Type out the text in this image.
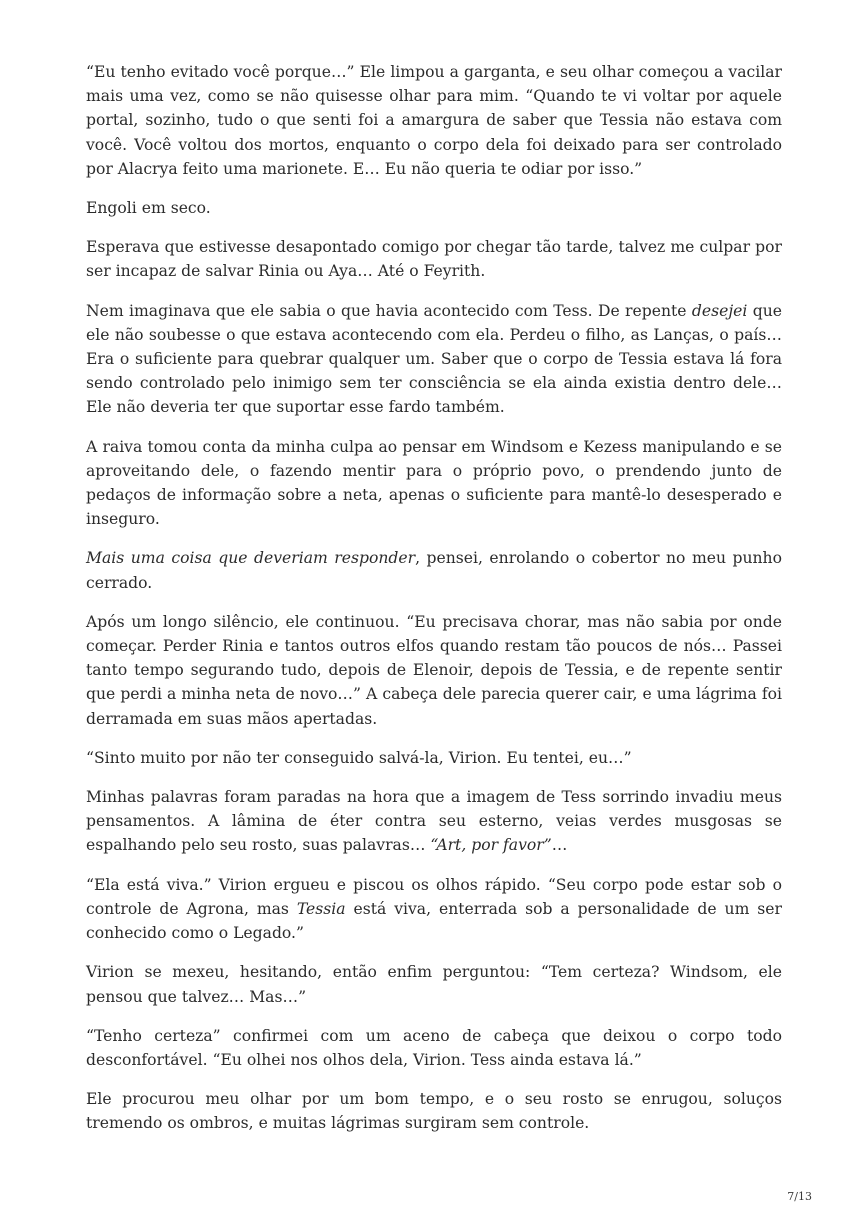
“Eu tenho evitado você porque…” Ele limpou a garganta, e seu olhar começou a vacilar mais uma vez, como se não quisesse olhar para mim. “Quando te vi voltar por aquele portal, sozinho, tudo o que senti foi a amargura de saber que Tessia não estava com você. Você voltou dos mortos, enquanto o corpo dela foi deixado para ser controlado por Alacrya feito uma marionete. E… Eu não queria te odiar por isso.”

Engoli em seco.

Esperava que estivesse desapontado comigo por chegar tão tarde, talvez me culpar por ser incapaz de salvar Rinia ou Aya… Até o Feyrith.

Nem imaginava que ele sabia o que havia acontecido com Tess. De repente desejei que ele não soubesse o que estava acontecendo com ela. Perdeu o filho, as Lanças, o país… Era o suficiente para quebrar qualquer um. Saber que o corpo de Tessia estava lá fora sendo controlado pelo inimigo sem ter consciência se ela ainda existia dentro dele… Ele não deveria ter que suportar esse fardo também.

A raiva tomou conta da minha culpa ao pensar em Windsom e Kezess manipulando e se aproveitando dele, o fazendo mentir para o próprio povo, o prendendo junto de pedaços de informação sobre a neta, apenas o suficiente para mantê-lo desesperado e inseguro.

Mais uma coisa que deveriam responder, pensei, enrolando o cobertor no meu punho cerrado.

Após um longo silêncio, ele continuou. “Eu precisava chorar, mas não sabia por onde começar. Perder Rinia e tantos outros elfos quando restam tão poucos de nós… Passei tanto tempo segurando tudo, depois de Elenoir, depois de Tessia, e de repente sentir que perdi a minha neta de novo…” A cabeça dele parecia querer cair, e uma lágrima foi derramada em suas mãos apertadas.

“Sinto muito por não ter conseguido salvá-la, Virion. Eu tentei, eu…”

Minhas palavras foram paradas na hora que a imagem de Tess sorrindo invadiu meus pensamentos. A lâmina de éter contra seu esterno, veias verdes musgosas se espalhando pelo seu rosto, suas palavras… “Art, por favor”…

“Ela está viva.” Virion ergueu e piscou os olhos rápido. “Seu corpo pode estar sob o controle de Agrona, mas Tessia está viva, enterrada sob a personalidade de um ser conhecido como o Legado.”

Virion se mexeu, hesitando, então enfim perguntou: “Tem certeza? Windsom, ele pensou que talvez… Mas…”

“Tenho certeza” confirmei com um aceno de cabeça que deixou o corpo todo desconfortável. “Eu olhei nos olhos dela, Virion. Tess ainda estava lá.”

Ele procurou meu olhar por um bom tempo, e o seu rosto se enrugou, soluços tremendo os ombros, e muitas lágrimas surgiram sem controle.

7/13
